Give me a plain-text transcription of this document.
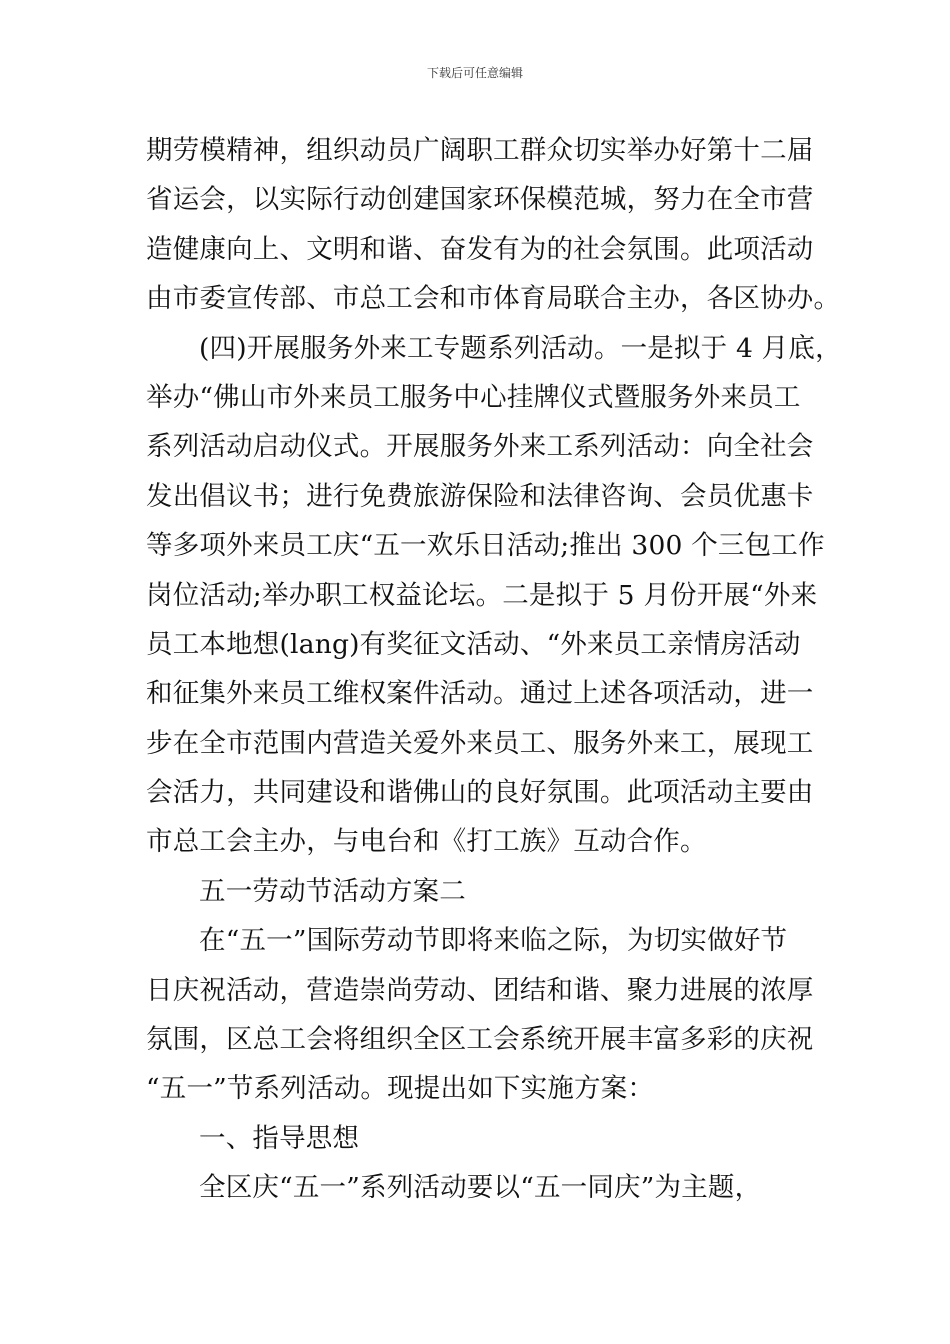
下载后可任意编辑
期劳模精神，组织动员广阔职工群众切实举办好第十二届
省运会，以实际行动创建国家环保模范城，努力在全市营
造健康向上、文明和谐、奋发有为的社会氛围。此项活动
由市委宣传部、市总工会和市体育局联合主办，各区协办。
(四)开展服务外来工专题系列活动。一是拟于 4 月底，
举办“佛山市外来员工服务中心挂牌仪式暨服务外来员工
系列活动启动仪式。开展服务外来工系列活动：向全社会
发出倡议书；进行免费旅游保险和法律咨询、会员优惠卡
等多项外来员工庆“五一欢乐日活动;推出 300 个三包工作
岗位活动;举办职工权益论坛。二是拟于 5 月份开展“外来
员工本地想(lang)有奖征文活动、“外来员工亲情房活动
和征集外来员工维权案件活动。通过上述各项活动，进一
步在全市范围内营造关爱外来员工、服务外来工，展现工
会活力，共同建设和谐佛山的良好氛围。此项活动主要由
市总工会主办，与电台和《打工族》互动合作。
五一劳动节活动方案二
在“五一”国际劳动节即将来临之际，为切实做好节
日庆祝活动，营造崇尚劳动、团结和谐、聚力进展的浓厚
氛围，区总工会将组织全区工会系统开展丰富多彩的庆祝
“五一”节系列活动。现提出如下实施方案：
一、指导思想
全区庆“五一”系列活动要以“五一同庆”为主题，
